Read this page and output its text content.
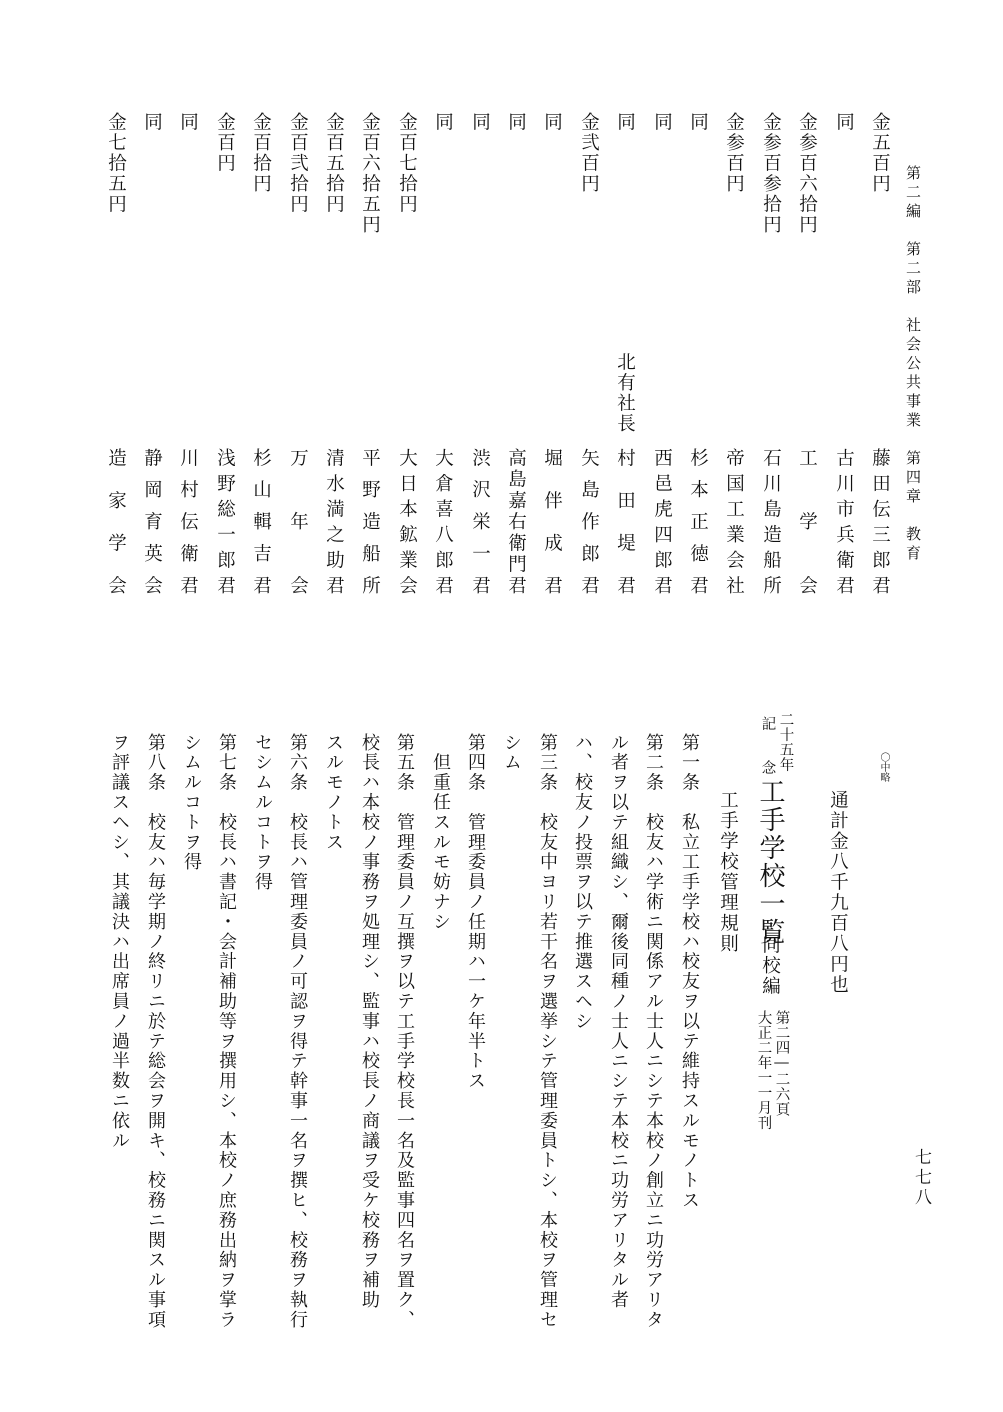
第二編　第二部　社会公共事業　第四章　教育
七七八
金五百円
藤田伝三郎君
同
古川市兵衛君
金参百六拾円
工学会
金参百参拾円
石川島造船所
金参百円
帝国工業会社
同
杉本正徳君
同
西邑虎四郎君
同
北有社長
村田堤君
金弐百円
矢島作郎君
同
堀伴成君
同
高島嘉右衛門君
同
渋沢栄一君
同
大倉喜八郎君
金百七拾円
大日本鉱業会
金百六拾五円
平野造船所
金百五拾円
清水満之助君
金百弐拾円
万年会
金百拾円
杉山輯吉君
金百円
浅野総一郎君
同
川村伝衛君
同
静岡育英会
金七拾五円
造家学会
〇中略
通計金八千九百八円也
二十五年
記
念
工手学校一覧
同校編
第二四―二六頁
大正二年一一月刊
工手学校管理規則
第一条　私立工手学校ハ校友ヲ以テ維持スルモノトス
第二条　校友ハ学術ニ関係アル士人ニシテ本校ノ創立ニ功労アリタ
ル者ヲ以テ組織シ、爾後同種ノ士人ニシテ本校ニ功労アリタル者
ハ、校友ノ投票ヲ以テ推選スヘシ
第三条　校友中ヨリ若干名ヲ選挙シテ管理委員トシ、本校ヲ管理セ
シム
第四条　管理委員ノ任期ハ一ケ年半トス
　但重任スルモ妨ナシ
第五条　管理委員ノ互撰ヲ以テ工手学校長一名及監事四名ヲ置ク、
校長ハ本校ノ事務ヲ処理シ、監事ハ校長ノ商議ヲ受ケ校務ヲ補助
スルモノトス
第六条　校長ハ管理委員ノ可認ヲ得テ幹事一名ヲ撰ヒ、校務ヲ執行
セシムルコトヲ得
第七条　校長ハ書記・会計補助等ヲ撰用シ、本校ノ庶務出納ヲ掌ラ
シムルコトヲ得
第八条　校友ハ毎学期ノ終リニ於テ総会ヲ開キ、校務ニ関スル事項
ヲ評議スヘシ、其議決ハ出席員ノ過半数ニ依ル
